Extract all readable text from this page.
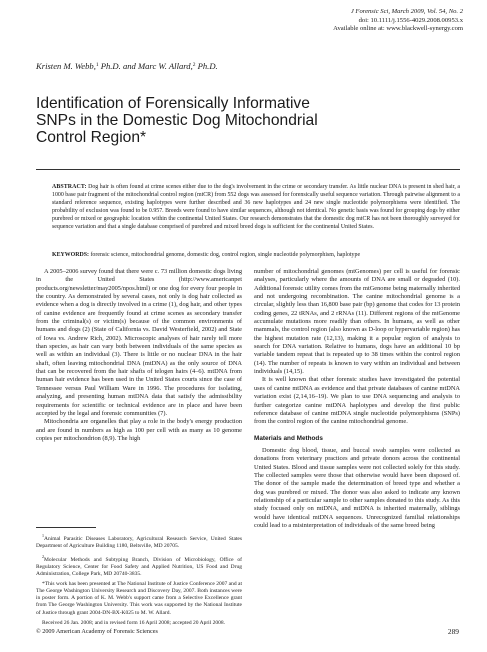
J Forensic Sci, March 2009, Vol. 54, No. 2
doi: 10.1111/j.1556-4029.2008.00953.x
Available online at: www.blackwell-synergy.com
Kristen M. Webb,$^1$ Ph.D. and Marc W. Allard,$^2$ Ph.D.
Identification of Forensically Informative SNPs in the Domestic Dog Mitochondrial Control Region*
ABSTRACT: Dog hair is often found at crime scenes either due to the dog's involvement in the crime or secondary transfer. As little nuclear DNA is present in shed hair, a 1000 base pair fragment of the mitochondrial control region (mtCR) from 552 dogs was assessed for forensically useful sequence variation. Through pairwise alignment to a standard reference sequence, existing haplotypes were further described and 36 new haplotypes and 24 new single nucleotide polymorphisms were identified. The probability of exclusion was found to be 0.957. Breeds were found to have similar sequences, although not identical. No genetic basis was found for grouping dogs by either purebred or mixed or geographic location within the continental United States. Our research demonstrates that the domestic dog mtCR has not been thoroughly surveyed for sequence variation and that a single database comprised of purebred and mixed breed dogs is sufficient for the continental United States.
KEYWORDS: forensic science, mitochondrial genome, domestic dog, control region, single nucleotide polymorphism, haplotype

A 2005–2006 survey found that there were c. 73 million domestic dogs living in the United States (http://www.americanpet products.org/newsletter/may2005/npos.html) or one dog for every four people in the country. As demonstrated by several cases, not only is dog hair collected as evidence when a dog is directly involved in a crime (1), dog hair, and other types of canine evidence are frequently found at crime scenes as secondary transfer from the criminal(s) or victim(s) because of the common environments of humans and dogs (2) (State of California vs. David Westerfield, 2002) and State of Iowa vs. Andrew Rich, 2002). Microscopic analyses of hair rarely tell more than species, as hair can vary both between individuals of the same species as well as within an individual (3). There is little or no nuclear DNA in the hair shaft, often leaving mitochondrial DNA (mtDNA) as the only source of DNA that can be recovered from the hair shafts of telogen hairs (4–6). mtDNA from human hair evidence has been used in the United States courts since the case of Tennessee versus Paul William Ware in 1996. The procedures for isolating, analyzing, and presenting human mtDNA data that satisfy the admissibility requirements for scientific or technical evidence are in place and have been accepted by the legal and forensic communities (7).

Mitochondria are organelles that play a role in the body's energy production and are found in numbers as high as 100 per cell with as many as 10 genome copies per mitochondrion (8,9). The high

number of mitochondrial genomes (mtGenomes) per cell is useful for forensic analyses, particularly where the amounts of DNA are small or degraded (10). Additional forensic utility comes from the mtGenome being maternally inherited and not undergoing recombination. The canine mitochondrial genome is a circular, slightly less than 16,800 base pair (bp) genome that codes for 13 protein coding genes, 22 tRNAs, and 2 rRNAs (11). Different regions of the mtGenome accumulate mutations more readily than others. In humans, as well as other mammals, the control region (also known as D-loop or hypervariable region) has the highest mutation rate (12,13), making it a popular region of analysis to search for DNA variation. Relative to humans, dogs have an additional 10 bp variable tandem repeat that is repeated up to 38 times within the control region (14). The number of repeats is known to vary within an individual and between individuals (14,15).

It is well known that other forensic studies have investigated the potential uses of canine mtDNA as evidence and that private databases of canine mtDNA variation exist (2,14,16–19). We plan to use DNA sequencing and analysis to further categorize canine mtDNA haplotypes and develop the first public reference database of canine mtDNA single nucleotide polymorphisms (SNPs) from the control region of the canine mitochondrial genome.

Materials and Methods

Domestic dog blood, tissue, and buccal swab samples were collected as donations from veterinary practices and private donors across the continental United States. Blood and tissue samples were not collected solely for this study. The collected samples were those that otherwise would have been disposed of. The donor of the sample made the determination of breed type and whether a dog was purebred or mixed. The donor was also asked to indicate any known relationship of a particular sample to other samples donated to this study. As this study focused only on mtDNA, and mtDNA is inherited maternally, siblings would have identical mtDNA sequences. Unrecognized familial relationships could lead to a misinterpretation of individuals of the same breed being

$^1$Animal Parasitic Diseases Laboratory, Agricultural Research Service, United States Department of Agriculture Building 1180, Beltsville, MD 20705.

$^2$Molecular Methods and Subtyping Branch, Division of Microbiology, Office of Regulatory Science, Center for Food Safety and Applied Nutrition, US Food and Drug Administration, College Park, MD 20740-3835.

*This work has been presented at The National Institute of Justice Conference 2007 and at The George Washington University Research and Discovery Day, 2007. Both instances were in poster form. A portion of K. M. Webb's support came from a Selective Excellence grant from The George Washington University. This work was supported by the National Institute of Justice through grant 2004-DN-BX-K025 to M. W. Allard.

Received 26 Jan. 2008; and in revised form 16 April 2008; accepted 20 April 2008.

© 2009 American Academy of Forensic Sciences	289
